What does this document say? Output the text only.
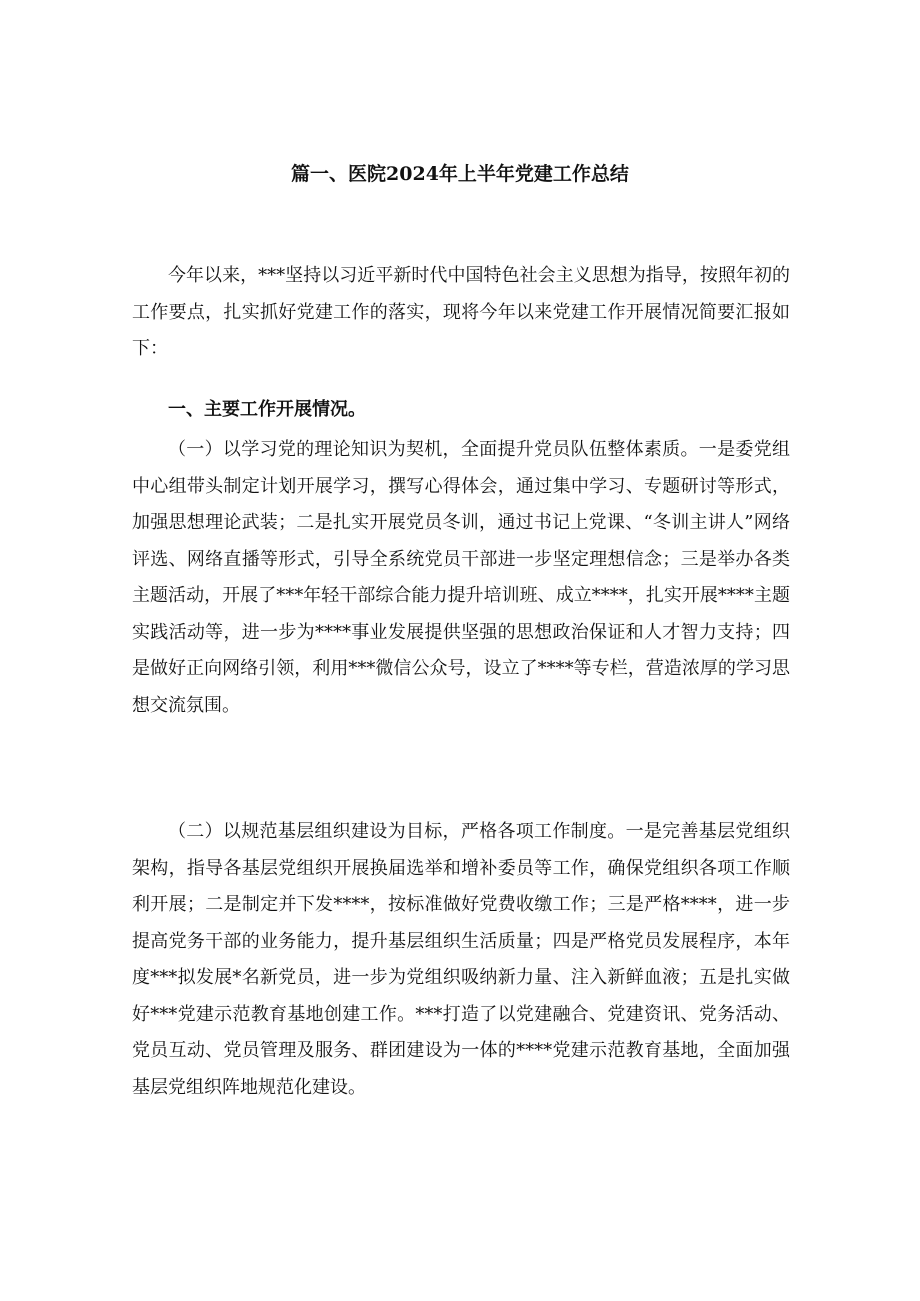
篇一、医院2024年上半年党建工作总结

今年以来，***坚持以习近平新时代中国特色社会主义思想为指导，按照年初的工作要点，扎实抓好党建工作的落实，现将今年以来党建工作开展情况简要汇报如下：

一、主要工作开展情况。

（一）以学习党的理论知识为契机，全面提升党员队伍整体素质。一是委党组中心组带头制定计划开展学习，撰写心得体会，通过集中学习、专题研讨等形式，加强思想理论武装；二是扎实开展党员冬训，通过书记上党课、“冬训主讲人”网络评选、网络直播等形式，引导全系统党员干部进一步坚定理想信念；三是举办各类主题活动，开展了***年轻干部综合能力提升培训班、成立****，扎实开展****主题实践活动等，进一步为****事业发展提供坚强的思想政治保证和人才智力支持；四是做好正向网络引领，利用***微信公众号，设立了****等专栏，营造浓厚的学习思想交流氛围。

（二）以规范基层组织建设为目标，严格各项工作制度。一是完善基层党组织架构，指导各基层党组织开展换届选举和增补委员等工作，确保党组织各项工作顺利开展；二是制定并下发****，按标准做好党费收缴工作；三是严格****，进一步提高党务干部的业务能力，提升基层组织生活质量；四是严格党员发展程序，本年度***拟发展*名新党员，进一步为党组织吸纳新力量、注入新鲜血液；五是扎实做好***党建示范教育基地创建工作。***打造了以党建融合、党建资讯、党务活动、党员互动、党员管理及服务、群团建设为一体的****党建示范教育基地，全面加强基层党组织阵地规范化建设。
